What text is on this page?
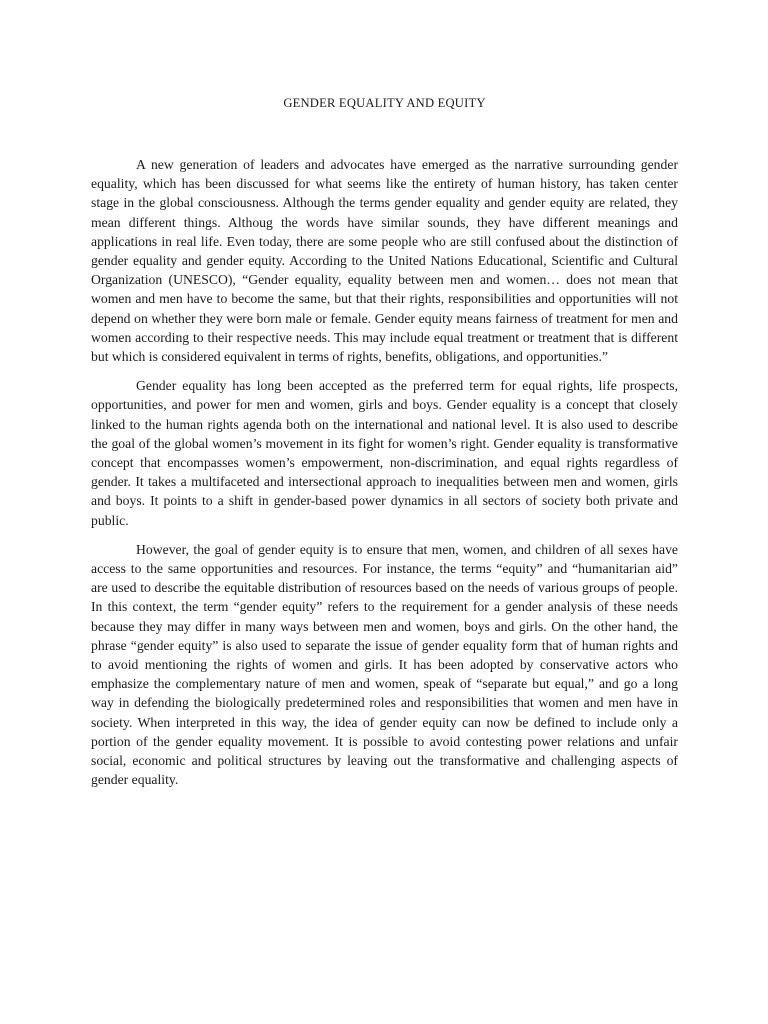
GENDER EQUALITY AND EQUITY

A new generation of leaders and advocates have emerged as the narrative surrounding gender equality, which has been discussed for what seems like the entirety of human history, has taken center stage in the global consciousness. Although the terms gender equality and gender equity are related, they mean different things. Althoug the words have similar sounds, they have different meanings and applications in real life. Even today, there are some people who are still confused about the distinction of gender equality and gender equity. According to the United Nations Educational, Scientific and Cultural Organization (UNESCO), “Gender equality, equality between men and women… does not mean that women and men have to become the same, but that their rights, responsibilities and opportunities will not depend on whether they were born male or female. Gender equity means fairness of treatment for men and women according to their respective needs. This may include equal treatment or treatment that is different but which is considered equivalent in terms of rights, benefits, obligations, and opportunities.”

Gender equality has long been accepted as the preferred term for equal rights, life prospects, opportunities, and power for men and women, girls and boys. Gender equality is a concept that closely linked to the human rights agenda both on the international and national level. It is also used to describe the goal of the global women’s movement in its fight for women’s right. Gender equality is transformative concept that encompasses women’s empowerment, non-discrimination, and equal rights regardless of gender. It takes a multifaceted and intersectional approach to inequalities between men and women, girls and boys. It points to a shift in gender-based power dynamics in all sectors of society both private and public.

However, the goal of gender equity is to ensure that men, women, and children of all sexes have access to the same opportunities and resources. For instance, the terms “equity” and “humanitarian aid” are used to describe the equitable distribution of resources based on the needs of various groups of people. In this context, the term “gender equity” refers to the requirement for a gender analysis of these needs because they may differ in many ways between men and women, boys and girls. On the other hand, the phrase “gender equity” is also used to separate the issue of gender equality form that of human rights and to avoid mentioning the rights of women and girls. It has been adopted by conservative actors who emphasize the complementary nature of men and women, speak of “separate but equal,” and go a long way in defending the biologically predetermined roles and responsibilities that women and men have in society. When interpreted in this way, the idea of gender equity can now be defined to include only a portion of the gender equality movement. It is possible to avoid contesting power relations and unfair social, economic and political structures by leaving out the transformative and challenging aspects of gender equality.
